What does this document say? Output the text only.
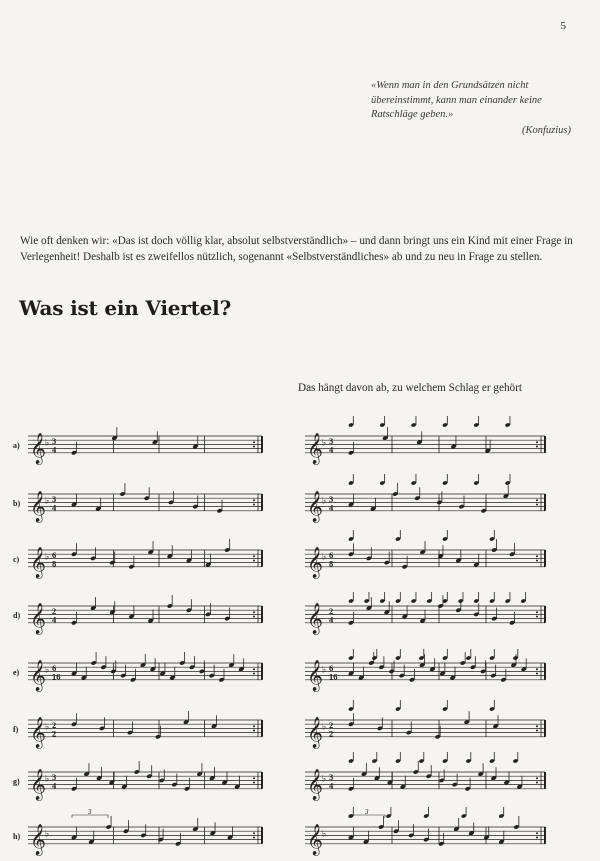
5
«Wenn man in den Grundsätzen nicht übereinstimmt, kann man einander keine Ratschläge geben.»
(Konfuzius)

Wie oft denken wir: «Das ist doch völlig klar, absolut selbstverständlich» – und dann bringt uns ein Kind mit einer Frage in Verlegenheit! Deshalb ist es zweifellos nützlich, sogenannt «Selbstverständliches» ab und zu neu in Frage zu stellen.

Was ist ein Viertel?
Das hängt davon ab, zu welchem Schlag er gehört
a) 𝄞 ♭ 3
4	𝄞 ♭ 3
4
b) 𝄞 ♭ 3
4	𝄞 ♭ 3
4
c) 𝄞 ♭ 6
8	𝄞 ♭ 6
8
d) 𝄞 2
4	𝄞 2
4
e) 𝄞 ♭ 6
16	𝄞 ♭ 6
16
f) 𝄞 ♭ 2
2	𝄞 ♭ 2
2
g) 𝄞 ♭ 3
4	𝄞 ♭ 3
4
h) 𝄞 ♭
3
𝄞 ♭
3
